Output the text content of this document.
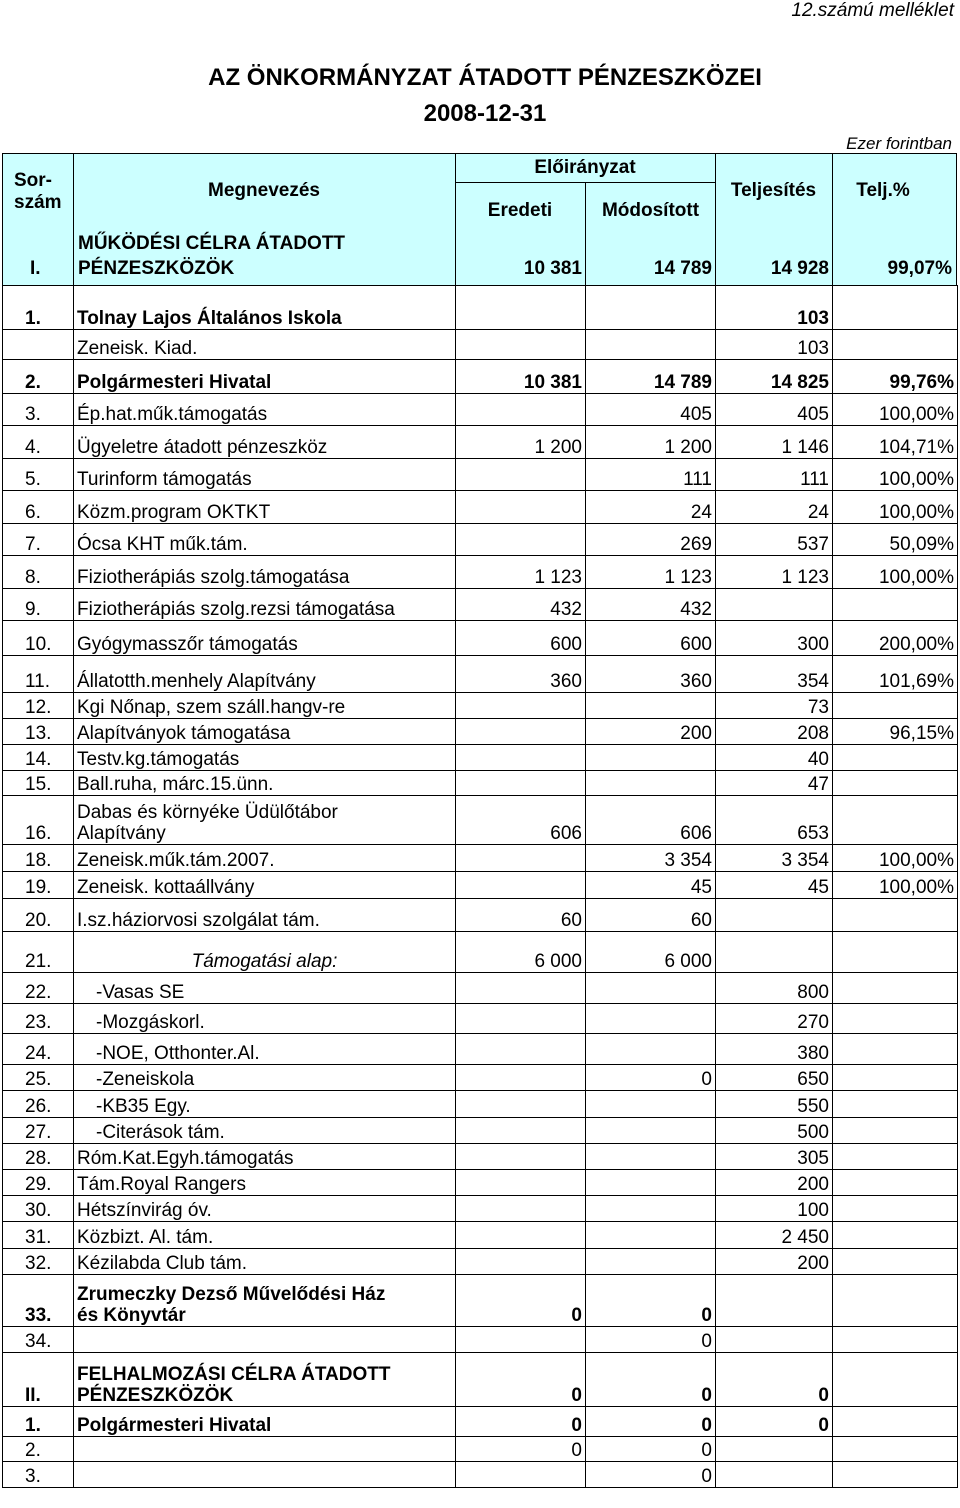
12.számú melléklet
AZ ÖNKORMÁNYZAT ÁTADOTT PÉNZESZKÖZEI
2008-12-31
Ezer forintban
Sor-szám
Megnevezés
Előirányzat
Eredeti	Módosított
Teljesítés	Telj.%
I.
MŰKÖDÉSI CÉLRA ÁTADOTT
PÉNZESZKÖZÖK	10 381	14 789	14 928	99,07%
1.	Tolnay Lajos Általános Iskola			103	
	Zeneisk. Kiad.			103	
2.	Polgármesteri Hivatal	10 381	14 789	14 825	99,76%
3.	Ép.hat.műk.támogatás		405	405	100,00%
4.	Ügyeletre átadott pénzeszköz	1 200	1 200	1 146	104,71%
5.	Turinform támogatás		111	111	100,00%
6.	Közm.program OKTKT		24	24	100,00%
7.	Ócsa KHT műk.tám.		269	537	50,09%
8.	Fiziotherápiás szolg.támogatása	1 123	1 123	1 123	100,00%
9.	Fiziotherápiás szolg.rezsi támogatása	432	432		
10.	Gyógymasszőr támogatás	600	600	300	200,00%
11.	Állatotth.menhely Alapítvány	360	360	354	101,69%
12.	Kgi Nőnap, szem száll.hangv-re			73	
13.	Alapítványok támogatása		200	208	96,15%
14.	Testv.kg.támogatás			40	
15.	Ball.ruha, márc.15.ünn.			47	
16.	Dabas és környéke Üdülőtábor
Alapítvány	606	606	653	
18.	Zeneisk.műk.tám.2007.		3 354	3 354	100,00%
19.	Zeneisk. kottaállvány		45	45	100,00%
20.	I.sz.háziorvosi szolgálat tám.	60	60		
21.	Támogatási alap:	6 000	6 000		
22.	-Vasas SE			800	
23.	-Mozgáskorl.			270	
24.	-NOE, Otthonter.Al.			380	
25.	-Zeneiskola		0	650	
26.	-KB35 Egy.			550	
27.	-Citerások tám.			500	
28.	Róm.Kat.Egyh.támogatás			305	
29.	Tám.Royal Rangers			200	
30.	Hétszínvirág óv.			100	
31.	Közbizt. Al. tám.			2 450	
32.	Kézilabda Club tám.			200	
33.	Zrumeczky Dezső Művelődési Ház
és Könyvtár	0	0		
34.			0		
II.	FELHALMOZÁSI CÉLRA ÁTADOTT
PÉNZESZKÖZÖK	0	0	0	
1.	Polgármesteri Hivatal	0	0	0	
2.		0	0		
3.			0		
